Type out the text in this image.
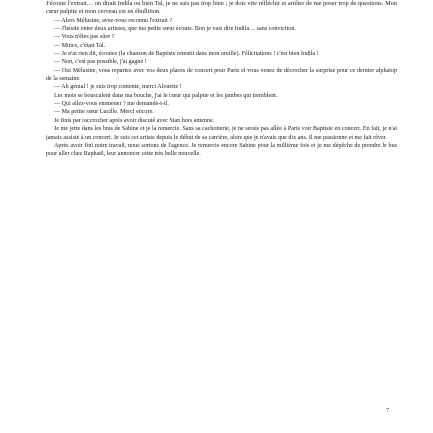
J'écoute l'extrait… on dirait Indila ou bien Tal, je ne sais pas trop bien ; je dois vite réfléchir et arrêter de me poser trop de questions. Mon cœur palpite et mon cerveau est en ébullition.

— Alors Mélusine, avez-vous reconnu l'extrait ?

— J'hésite entre deux artistes, que ma petite sœur écoute. Bon je vais dire Indila… sans conviction.

— Vous n'êtes pas sûre ?

— Mince, c'était Tal.

— Je n'ai rien dit, écoutez (la chanson de Baptiste retentit dans mon oreille). Félicitations ! c'est bien Indila !

— Non, c'est pas possible, j'ai gagné !

— Oui Mélusine, vous repartez avec vos deux places de concert pour Paris et vous venez de décrocher la surprise pour ce dernier alphatop de la semaine.

— Ah génial ! je suis trop contente, merci Alouette !

Les mots se bousculent dans ma bouche, j'ai le cœur qui palpite et les jambes qui tremblent.

— Qui allez-vous emmener ? me demande-t-il.

— Ma petite sœur Lucille. Merci encore.

Je finis par raccrocher après avoir discuté avec Stan hors antenne.

Je me jette dans les bras de Sabine et je la remercie. Sans sa cachotterie, je ne serais pas allée à Paris voir Baptiste en concert. En fait, je n'ai jamais assisté à un concert. Je suis cet artiste depuis le début de sa carrière, alors que je n'avais que dix ans. Il me passionne et me fait rêver.

Après avoir fini notre travail, nous sortons de l'agence. Je remercie encore Sabine pour la millième fois et je me dépêche de prendre le bus pour aller chez Raphaël, leur annoncer cette très belle nouvelle.

7
